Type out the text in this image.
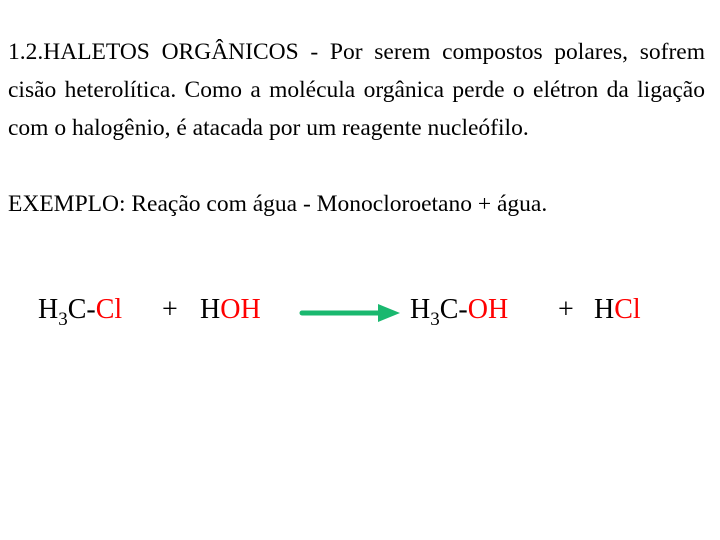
1.2.HALETOS ORGÂNICOS - Por serem compostos polares, sofrem cisão heterolítica. Como a molécula orgânica perde o elétron da ligação com o halogênio, é atacada por um reagente nucleófilo.

EXEMPLO: Reação com água - Monocloroetano + água.

$H_3C-Cl$ + HOH → $H_3C-OH$ + HCl
